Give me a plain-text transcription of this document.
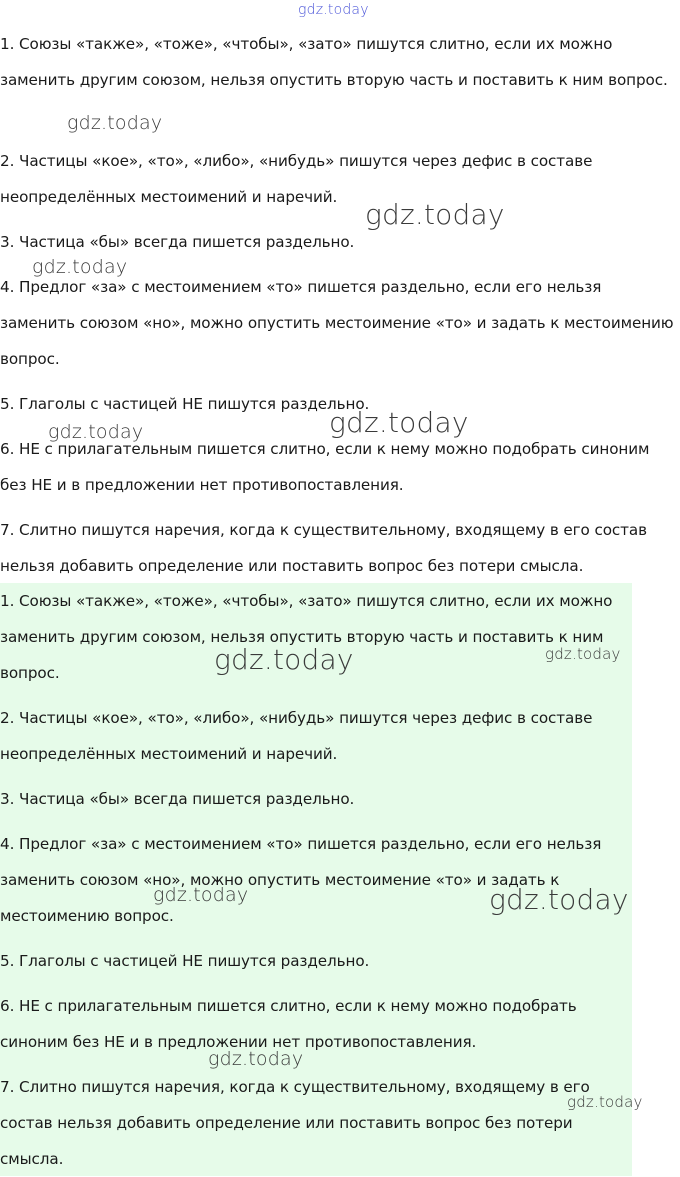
gdz.today

1. Союзы «также», «тоже», «чтобы», «зато» пишутся слитно, если их можно заменить другим союзом, нельзя опустить вторую часть и поставить к ним вопрос.

2. Частицы «кое», «то», «либо», «нибудь» пишутся через дефис в составе неопределённых местоимений и наречий.

3. Частица «бы» всегда пишется раздельно.

4. Предлог «за» с местоимением «то» пишется раздельно, если его нельзя заменить союзом «но», можно опустить местоимение «то» и задать к местоимению вопрос.

5. Глаголы с частицей НЕ пишутся раздельно.

6. НЕ с прилагательным пишется слитно, если к нему можно подобрать синоним без НЕ и в предложении нет противопоставления.

7. Слитно пишутся наречия, когда к существительному, входящему в его состав нельзя добавить определение или поставить вопрос без потери смысла.

1. Союзы «также», «тоже», «чтобы», «зато» пишутся слитно, если их можно заменить другим союзом, нельзя опустить вторую часть и поставить к ним вопрос.

2. Частицы «кое», «то», «либо», «нибудь» пишутся через дефис в составе неопределённых местоимений и наречий.

3. Частица «бы» всегда пишется раздельно.

4. Предлог «за» с местоимением «то» пишется раздельно, если его нельзя заменить союзом «но», можно опустить местоимение «то» и задать к местоимению вопрос.

5. Глаголы с частицей НЕ пишутся раздельно.

6. НЕ с прилагательным пишется слитно, если к нему можно подобрать синоним без НЕ и в предложении нет противопоставления.

7. Слитно пишутся наречия, когда к существительному, входящему в его состав нельзя добавить определение или поставить вопрос без потери смысла.

gdz.today
gdz.today
gdz.today
gdz.today
gdz.today
gdz.today	gdz.today
gdz.today	gdz.today
gdz.today
gdz.today
